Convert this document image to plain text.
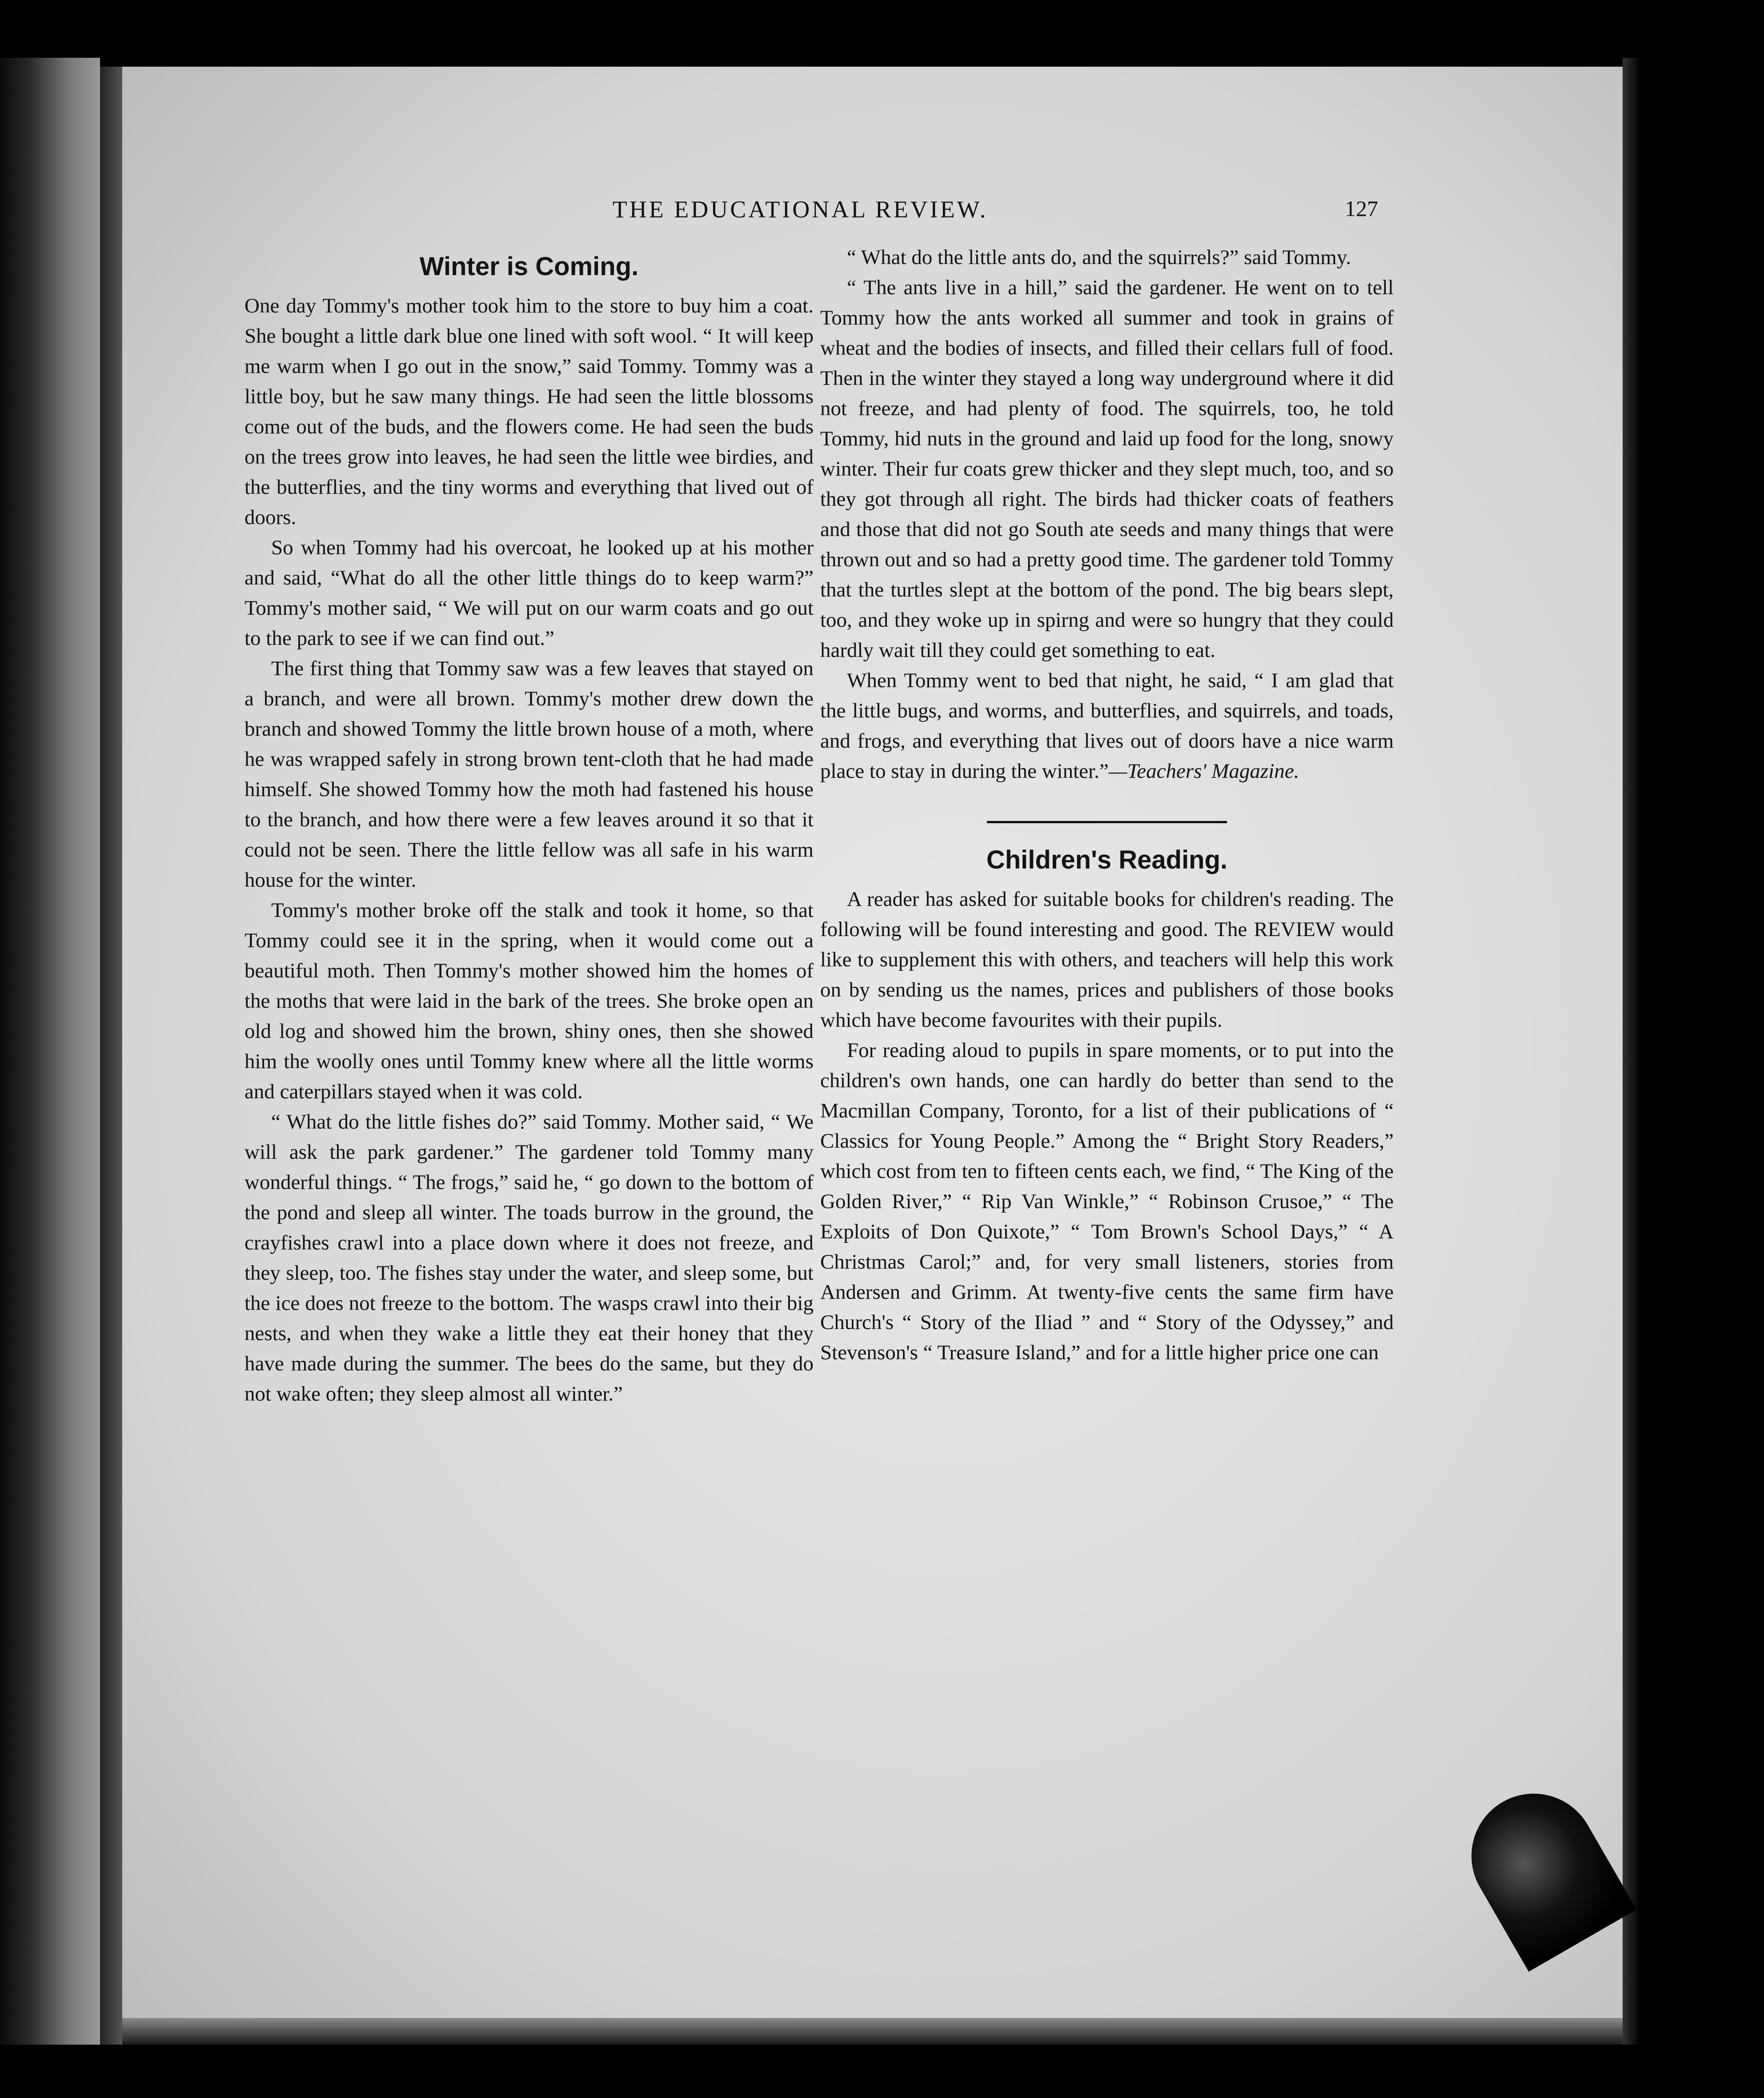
THE EDUCATIONAL REVIEW.	127
Winter is Coming.

One day Tommy's mother took him to the store to buy him a coat. She bought a little dark blue one lined with soft wool. “ It will keep me warm when I go out in the snow,” said Tommy. Tommy was a little boy, but he saw many things. He had seen the little blossoms come out of the buds, and the flowers come. He had seen the buds on the trees grow into leaves, he had seen the little wee birdies, and the butterflies, and the tiny worms and everything that lived out of doors.

So when Tommy had his overcoat, he looked up at his mother and said, “What do all the other little things do to keep warm?” Tommy's mother said, “ We will put on our warm coats and go out to the park to see if we can find out.”

The first thing that Tommy saw was a few leaves that stayed on a branch, and were all brown. Tommy's mother drew down the branch and showed Tommy the little brown house of a moth, where he was wrapped safely in strong brown tent-cloth that he had made himself. She showed Tommy how the moth had fastened his house to the branch, and how there were a few leaves around it so that it could not be seen. There the little fellow was all safe in his warm house for the winter.

Tommy's mother broke off the stalk and took it home, so that Tommy could see it in the spring, when it would come out a beautiful moth. Then Tommy's mother showed him the homes of the moths that were laid in the bark of the trees. She broke open an old log and showed him the brown, shiny ones, then she showed him the woolly ones until Tommy knew where all the little worms and caterpillars stayed when it was cold.

“ What do the little fishes do?” said Tommy. Mother said, “ We will ask the park gardener.” The gardener told Tommy many wonderful things. “ The frogs,” said he, “ go down to the bottom of the pond and sleep all winter. The toads burrow in the ground, the crayfishes crawl into a place down where it does not freeze, and they sleep, too. The fishes stay under the water, and sleep some, but the ice does not freeze to the bottom. The wasps crawl into their big nests, and when they wake a little they eat their honey that they have made during the summer. The bees do the same, but they do not wake often; they sleep almost all winter.”

“ What do the little ants do, and the squirrels?” said Tommy.

“ The ants live in a hill,” said the gardener. He went on to tell Tommy how the ants worked all summer and took in grains of wheat and the bodies of insects, and filled their cellars full of food. Then in the winter they stayed a long way underground where it did not freeze, and had plenty of food. The squirrels, too, he told Tommy, hid nuts in the ground and laid up food for the long, snowy winter. Their fur coats grew thicker and they slept much, too, and so they got through all right. The birds had thicker coats of feathers and those that did not go South ate seeds and many things that were thrown out and so had a pretty good time. The gardener told Tommy that the turtles slept at the bottom of the pond. The big bears slept, too, and they woke up in spirng and were so hungry that they could hardly wait till they could get something to eat.

When Tommy went to bed that night, he said, “ I am glad that the little bugs, and worms, and butterflies, and squirrels, and toads, and frogs, and everything that lives out of doors have a nice warm place to stay in during the winter.”—Teachers' Magazine.

Children's Reading.

A reader has asked for suitable books for children's reading. The following will be found interesting and good. The REVIEW would like to supplement this with others, and teachers will help this work on by sending us the names, prices and publishers of those books which have become favourites with their pupils.

For reading aloud to pupils in spare moments, or to put into the children's own hands, one can hardly do better than send to the Macmillan Company, Toronto, for a list of their publications of “ Classics for Young People.” Among the “ Bright Story Readers,” which cost from ten to fifteen cents each, we find, “ The King of the Golden River,” “ Rip Van Winkle,” “ Robinson Crusoe,” “ The Exploits of Don Quixote,” “ Tom Brown's School Days,” “ A Christmas Carol;” and, for very small listeners, stories from Andersen and Grimm. At twenty-five cents the same firm have Church's “ Story of the Iliad ” and “ Story of the Odyssey,” and Stevenson's “ Treasure Island,” and for a little higher price one can
